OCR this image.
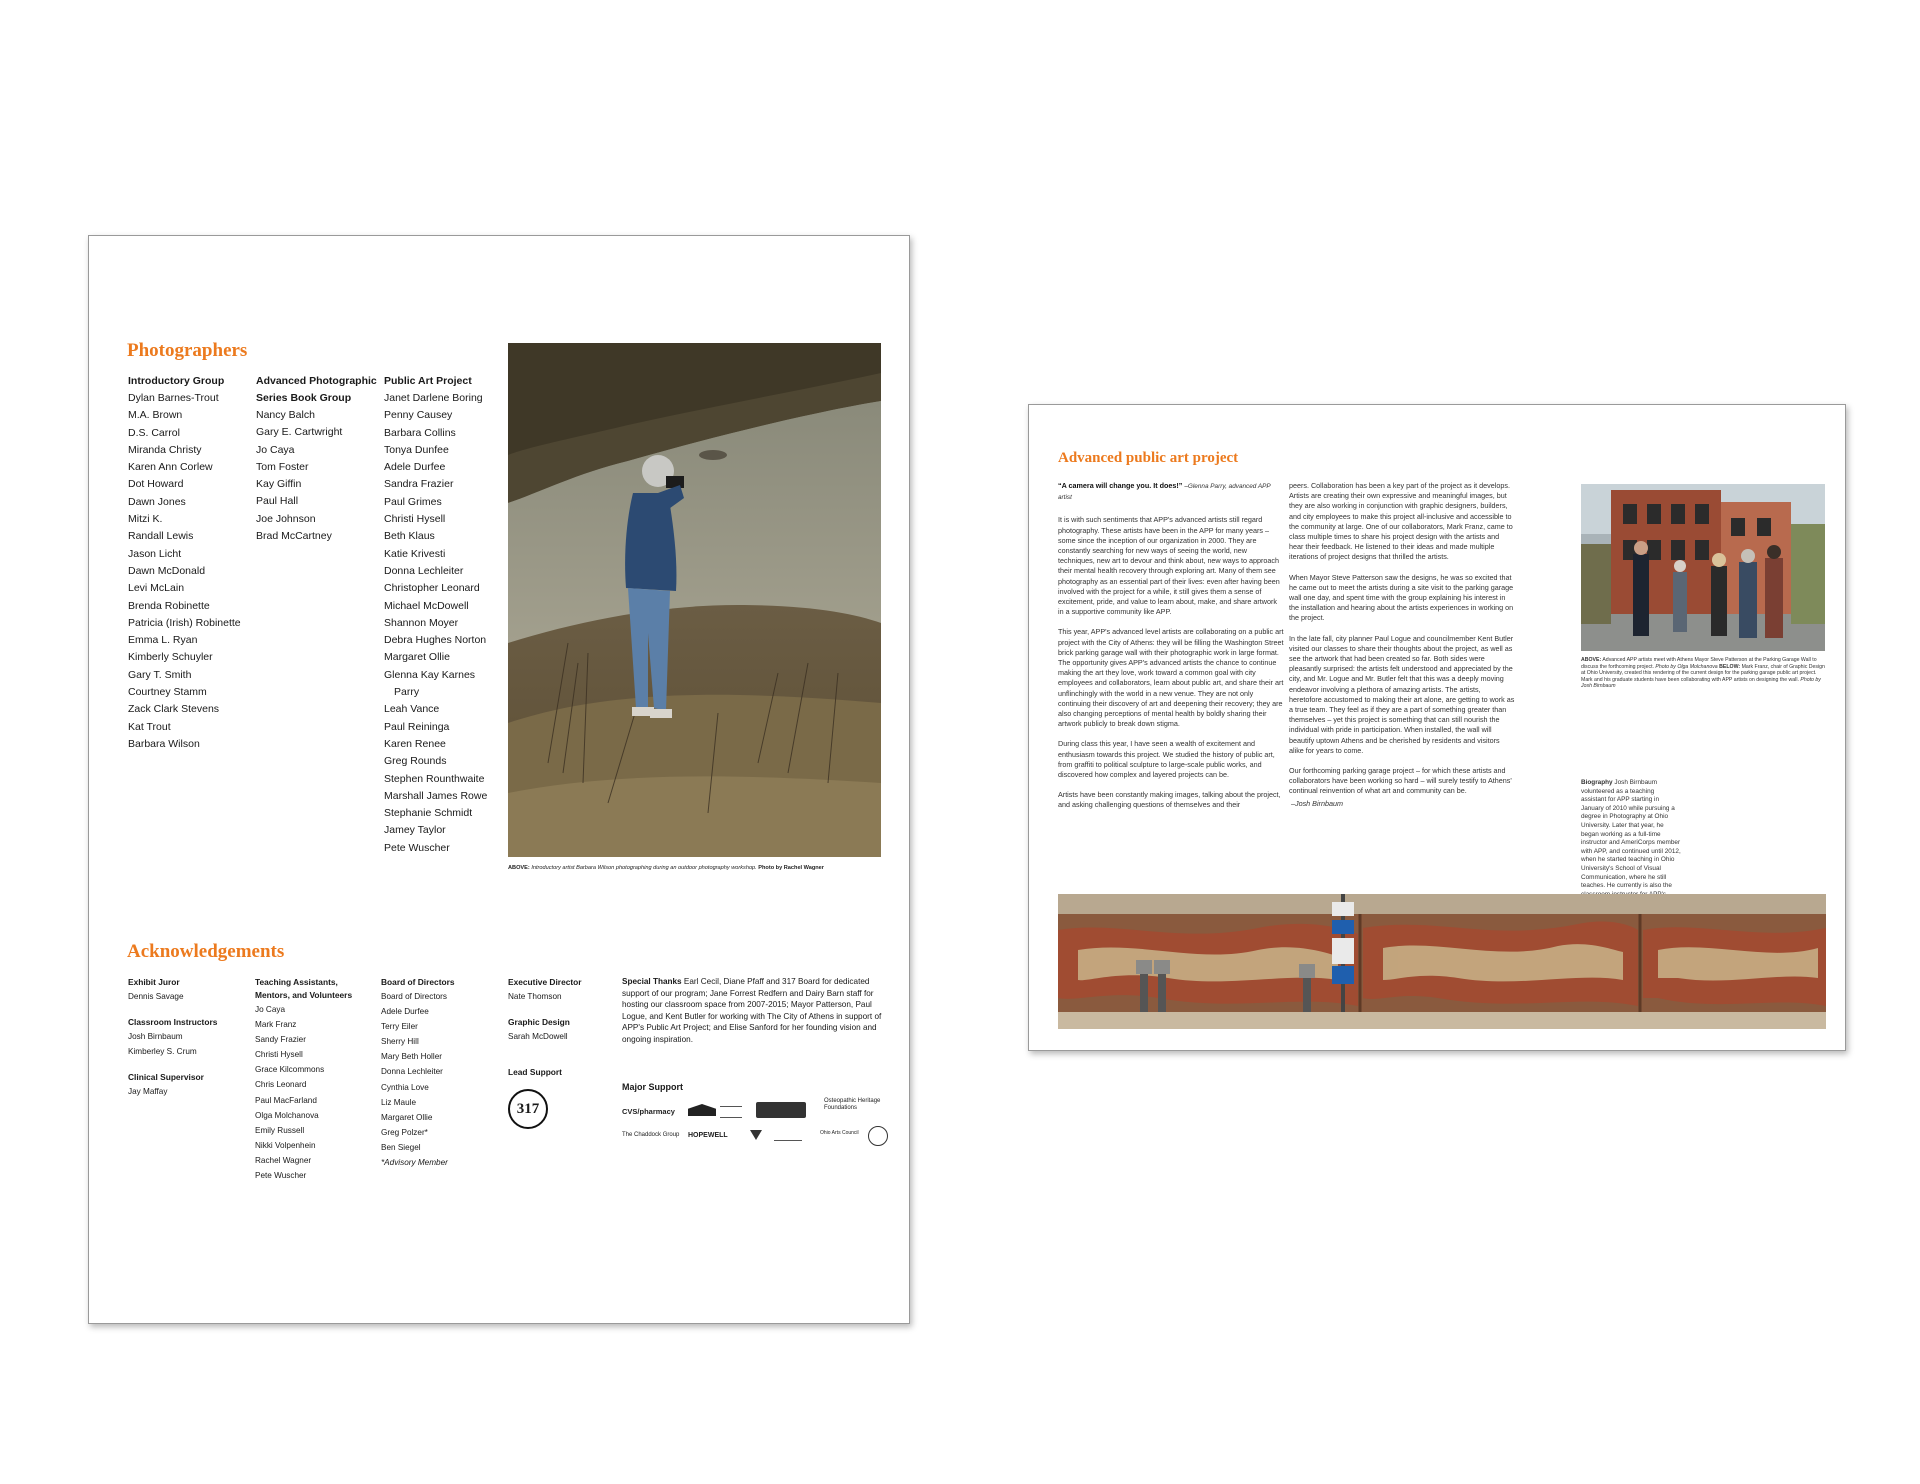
Photographers

Introductory Group

Dylan Barnes-Trout
M.A. Brown
D.S. Carrol
Miranda Christy
Karen Ann Corlew
Dot Howard
Dawn Jones
Mitzi K.
Randall Lewis
Jason Licht
Dawn McDonald
Levi McLain
Brenda Robinette
Patricia (Irish) Robinette
Emma L. Ryan
Kimberly Schuyler
Gary T. Smith
Courtney Stamm
Zack Clark Stevens
Kat Trout
Barbara Wilson

Advanced Photographic
Series Book Group

Nancy Balch
Gary E. Cartwright
Jo Caya
Tom Foster
Kay Giffin
Paul Hall
Joe Johnson
Brad McCartney

Public Art Project

Janet Darlene Boring
Penny Causey
Barbara Collins
Tonya Dunfee
Adele Durfee
Sandra Frazier
Paul Grimes
Christi Hysell
Beth Klaus
Katie Krivesti
Donna Lechleiter
Christopher Leonard
Michael McDowell
Shannon Moyer
Debra Hughes Norton
Margaret Ollie
Glenna Kay Karnes
Parry
Leah Vance
Paul Reininga
Karen Renee
Greg Rounds
Stephen Rounthwaite
Marshall James Rowe
Stephanie Schmidt
Jamey Taylor
Pete Wuscher
ABOVE: Introductory artist Barbara Wilson photographing during an outdoor photography workshop. Photo by Rachel Wagner
Acknowledgements

Exhibit Juror

Dennis Savage

Classroom Instructors

Josh Birnbaum
Kimberley S. Crum

Clinical Supervisor

Jay Maffay

Teaching Assistants,
Mentors, and Volunteers

Jo Caya
Mark Franz
Sandy Frazier
Christi Hysell
Grace Kilcommons
Chris Leonard
Paul MacFarland
Olga Molchanova
Emily Russell
Nikki Volpenhein
Rachel Wagner
Pete Wuscher

Board of Directors

Board of Directors
Adele Durfee
Terry Eiler
Sherry Hill
Mary Beth Holler
Donna Lechleiter
Cynthia Love
Liz Maule
Margaret Ollie
Greg Polzer*
Ben Siegel
*Advisory Member

Executive Director

Nate Thomson

Graphic Design

Sarah McDowell

Lead Support

317
Special Thanks Earl Cecil, Diane Pfaff and 317 Board for dedicated support of our program; Jane Forrest Redfern and Dairy Barn staff for hosting our classroom space from 2007-2015; Mayor Patterson, Paul Logue, and Kent Butler for working with The City of Athens in support of APP's Public Art Project; and Elise Sanford for her founding vision and ongoing inspiration.

Major Support

CVS/pharmacy
Osteopathic Heritage Foundations
The Chaddock Group HOPEWELL	Ohio Arts Council
Advanced public art project

“A camera will change you. It does!” –Glenna Parry, advanced APP artist

It is with such sentiments that APP's advanced artists still regard photography. These artists have been in the APP for many years – some since the inception of our organization in 2000. They are constantly searching for new ways of seeing the world, new techniques, new art to devour and think about, new ways to approach their mental health recovery through exploring art. Many of them see photography as an essential part of their lives: even after having been involved with the project for a while, it still gives them a sense of excitement, pride, and value to learn about, make, and share artwork in a supportive community like APP.

This year, APP's advanced level artists are collaborating on a public art project with the City of Athens: they will be filling the Washington Street brick parking garage wall with their photographic work in large format. The opportunity gives APP's advanced artists the chance to continue making the art they love, work toward a common goal with city employees and collaborators, learn about public art, and share their art unflinchingly with the world in a new venue. They are not only continuing their discovery of art and deepening their recovery; they are also changing perceptions of mental health by boldly sharing their artwork publicly to break down stigma.

During class this year, I have seen a wealth of excitement and enthusiasm towards this project. We studied the history of public art, from graffiti to political sculpture to large-scale public works, and discovered how complex and layered projects can be.

Artists have been constantly making images, talking about the project, and asking challenging questions of themselves and their

peers. Collaboration has been a key part of the project as it develops. Artists are creating their own expressive and meaningful images, but they are also working in conjunction with graphic designers, builders, and city employees to make this project all-inclusive and accessible to the community at large. One of our collaborators, Mark Franz, came to class multiple times to share his project design with the artists and hear their feedback. He listened to their ideas and made multiple iterations of project designs that thrilled the artists.

When Mayor Steve Patterson saw the designs, he was so excited that he came out to meet the artists during a site visit to the parking garage wall one day, and spent time with the group explaining his interest in the installation and hearing about the artists experiences in working on the project.

In the late fall, city planner Paul Logue and councilmember Kent Butler visited our classes to share their thoughts about the project, as well as see the artwork that had been created so far. Both sides were pleasantly surprised: the artists felt understood and appreciated by the city, and Mr. Logue and Mr. Butler felt that this was a deeply moving endeavor involving a plethora of amazing artists. The artists, heretofore accustomed to making their art alone, are getting to work as a true team. They feel as if they are a part of something greater than themselves – yet this project is something that can still nourish the individual with pride in participation. When installed, the wall will beautify uptown Athens and be cherished by residents and visitors alike for years to come.

Our forthcoming parking garage project – for which these artists and collaborators have been working so hard – will surely testify to Athens' continual reinvention of what art and community can be.

–Josh Birnbaum

ABOVE: Advanced APP artists meet with Athens Mayor Steve Patterson at the Parking Garage Wall to discuss the forthcoming project. Photo by Olga Molchanova BELOW: Mark Franz, chair of Graphic Design at Ohio University, created this rendering of the current design for the parking garage public art project. Mark and his graduate students have been collaborating with APP artists on designing the wall. Photo by Josh Birnbaum
Biography Josh Birnbaum volunteered as a teaching assistant for APP starting in January of 2010 while pursuing a degree in Photography at Ohio University. Later that year, he began working as a full-time instructor and AmeriCorps member with APP, and continued until 2012, when he started teaching in Ohio University's School of Visual Communication, where he still teaches. He currently is also the
